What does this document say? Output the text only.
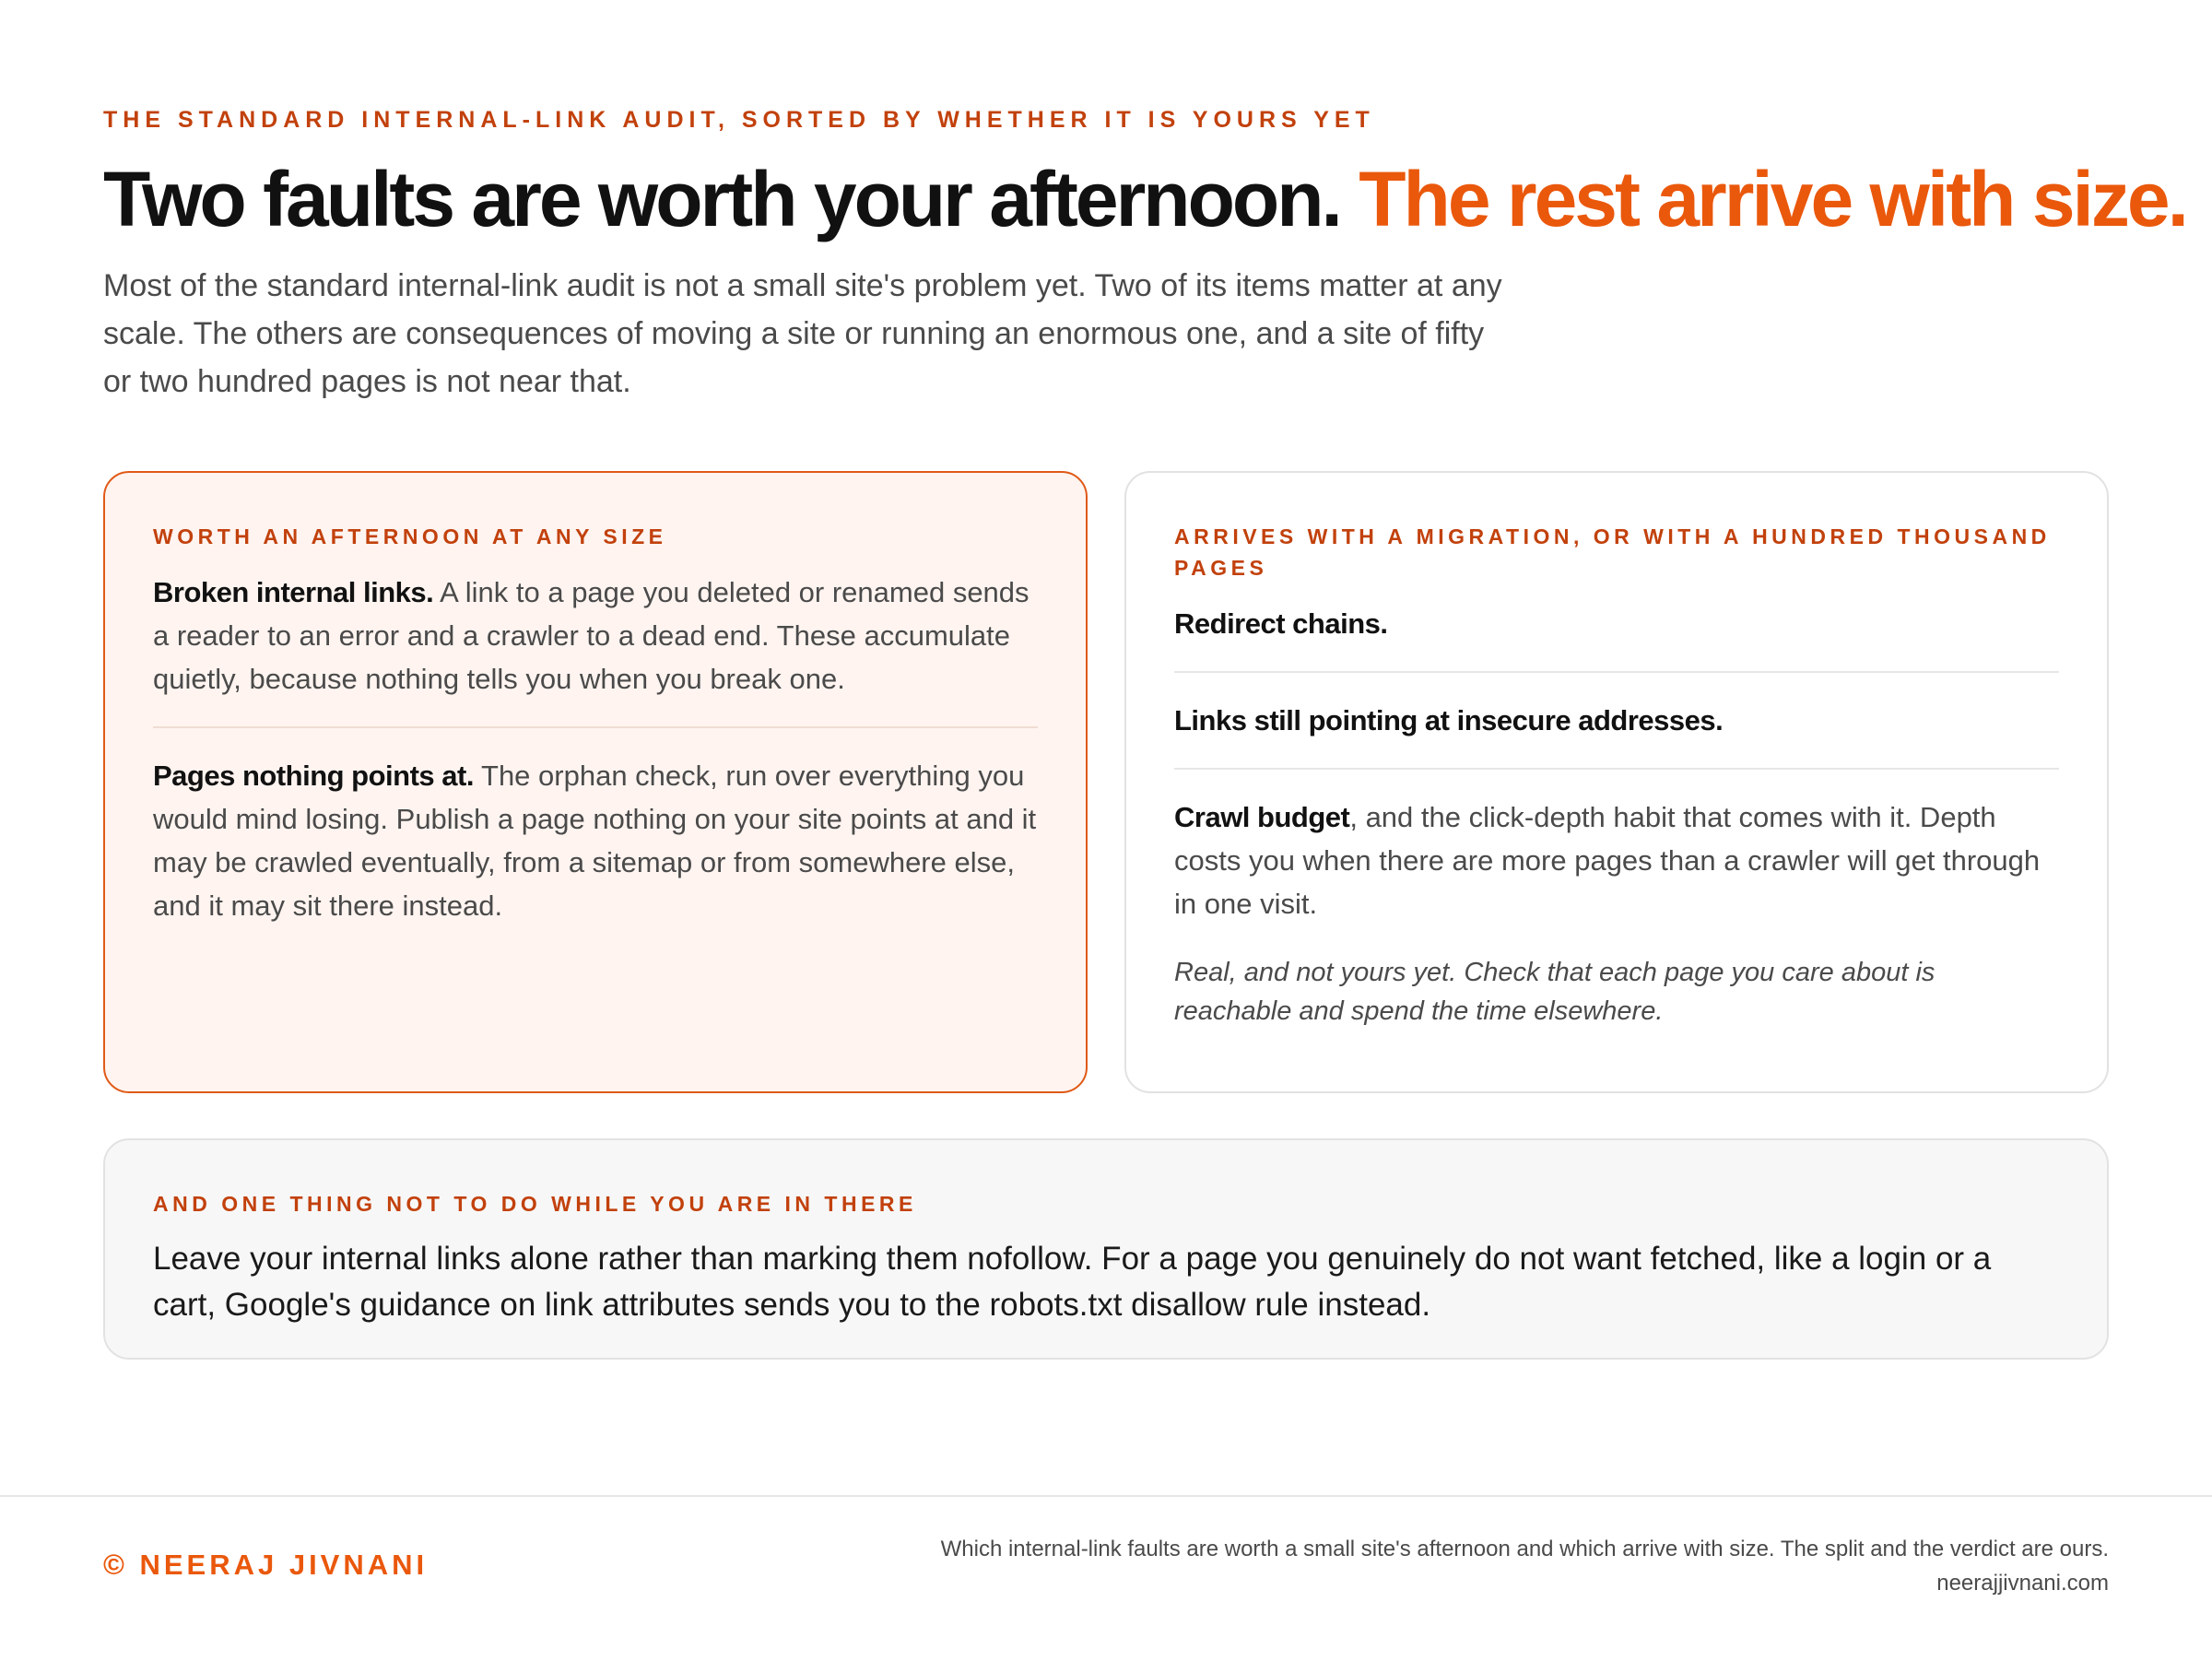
THE STANDARD INTERNAL-LINK AUDIT, SORTED BY WHETHER IT IS YOURS YET
Two faults are worth your afternoon. The rest arrive with size.

Most of the standard internal-link audit is not a small site's problem yet. Two of its items matter at any scale. The others are consequences of moving a site or running an enormous one, and a site of fifty or two hundred pages is not near that.

WORTH AN AFTERNOON AT ANY SIZE

Broken internal links. A link to a page you deleted or renamed sends a reader to an error and a crawler to a dead end. These accumulate quietly, because nothing tells you when you break one.

Pages nothing points at. The orphan check, run over everything you would mind losing. Publish a page nothing on your site points at and it may be crawled eventually, from a sitemap or from somewhere else, and it may sit there instead.

ARRIVES WITH A MIGRATION, OR WITH A HUNDRED THOUSAND PAGES

Redirect chains.

Links still pointing at insecure addresses.

Crawl budget, and the click-depth habit that comes with it. Depth costs you when there are more pages than a crawler will get through in one visit.

Real, and not yours yet. Check that each page you care about is reachable and spend the time elsewhere.

AND ONE THING NOT TO DO WHILE YOU ARE IN THERE

Leave your internal links alone rather than marking them nofollow. For a page you genuinely do not want fetched, like a login or a cart, Google's guidance on link attributes sends you to the robots.txt disallow rule instead.

© NEERAJ JIVNANI	Which internal-link faults are worth a small site's afternoon and which arrive with size. The split and the verdict are ours.
neerajjivnani.com
